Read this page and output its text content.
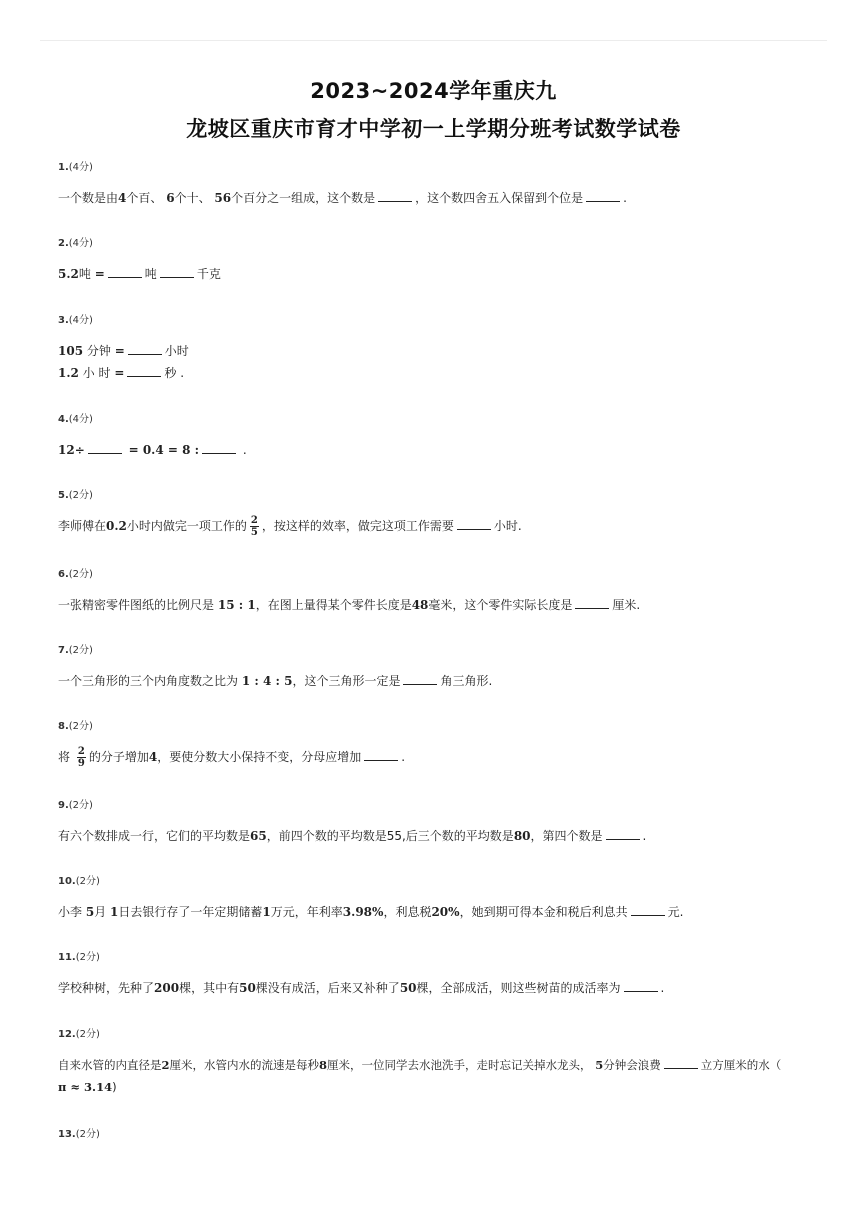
2023~2024学年重庆九
龙坡区重庆市育才中学初一上学期分班考试数学试卷
1.(4分)
一个数是由4个百、 6个十、 56个百分之一组成，这个数是	，这个数四舍五入保留到个位是	.
2.(4分)
5.2吨 =	吨	千克
3.(4分)
105 分钟 =	小时
1.2 小 时 =	秒 .
4.(4分)
12÷	= 0.4 = 8 :	.
5.(2分)
李师傅在0.2小时内做完一项工作的 $\frac{2}{5}$ ，按这样的效率，做完这项工作需要	小时.
6.(2分)
一张精密零件图纸的比例尺是 15 : 1，在图上量得某个零件长度是48毫米，这个零件实际长度是	厘米.
7.(2分)
一个三角形的三个内角度数之比为 1 : 4 : 5，这个三角形一定是	角三角形.
8.(2分)
将 $\frac{2}{9}$ 的分子增加4，要使分数大小保持不变，分母应增加	.
9.(2分)
有六个数排成一行，它们的平均数是65，前四个数的平均数是55,后三个数的平均数是80，第四个数是	.
10.(2分)
小李 5月 1日去银行存了一年定期储蓄1万元，年利率3.98%，利息税20%，她到期可得本金和税后利息共	元.
11.(2分)
学校种树，先种了200棵，其中有50棵没有成活，后来又补种了50棵，全部成活，则这些树苗的成活率为	.
12.(2分)
自来水管的内直径是2厘米，水管内水的流速是每秒8厘米，一位同学去水池洗手，走时忘记关掉水龙头， 5分钟会浪费	立方厘米的水（
π ≈ 3.14)
13.(2分)
